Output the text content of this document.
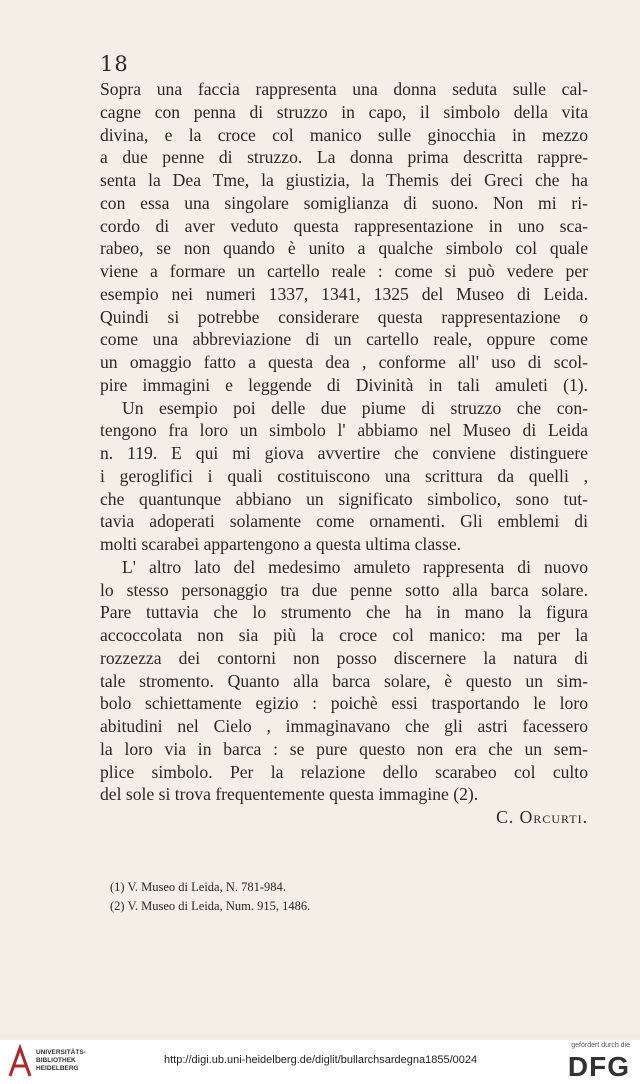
18
Sopra una faccia rappresenta una donna seduta sulle cal-
cagne con penna di struzzo in capo, il simbolo della vita
divina, e la croce col manico sulle ginocchia in mezzo
a due penne di struzzo. La donna prima descritta rappre-
senta la Dea Tme, la giustizia, la Themis dei Greci che ha
con essa una singolare somiglianza di suono. Non mi ri-
cordo di aver veduto questa rappresentazione in uno sca-
rabeo, se non quando è unito a qualche simbolo col quale
viene a formare un cartello reale : come si può vedere per
esempio nei numeri 1337, 1341, 1325 del Museo di Leida.
Quindi si potrebbe considerare questa rappresentazione o
come una abbreviazione di un cartello reale, oppure come
un omaggio fatto a questa dea , conforme all' uso di scol-
pire immagini e leggende di Divinità in tali amuleti (1).
Un esempio poi delle due piume di struzzo che con-
tengono fra loro un simbolo l' abbiamo nel Museo di Leida
n. 119. E qui mi giova avvertire che conviene distinguere
i geroglifici i quali costituiscono una scrittura da quelli ,
che quantunque abbiano un significato simbolico, sono tut-
tavia adoperati solamente come ornamenti. Gli emblemi di
molti scarabei appartengono a questa ultima classe.
L' altro lato del medesimo amuleto rappresenta di nuovo
lo stesso personaggio tra due penne sotto alla barca solare.
Pare tuttavia che lo strumento che ha in mano la figura
accoccolata non sia più la croce col manico: ma per la
rozzezza dei contorni non posso discernere la natura di
tale stromento. Quanto alla barca solare, è questo un sim-
bolo schiettamente egizio : poichè essi trasportando le loro
abitudini nel Cielo , immaginavano che gli astri facessero
la loro via in barca : se pure questo non era che un sem-
plice simbolo. Per la relazione dello scarabeo col culto
del sole si trova frequentemente questa immagine (2).
C. Orcurti.
(1) V. Museo di Leida, N. 781-984.
(2) V. Museo di Leida, Num. 915, 1486.
UNIVERSITÄTS-
BIBLIOTHEK
HEIDELBERG
http://digi.ub.uni-heidelberg.de/diglit/bullarchsardegna1855/0024
gefördert durch die
DFG
